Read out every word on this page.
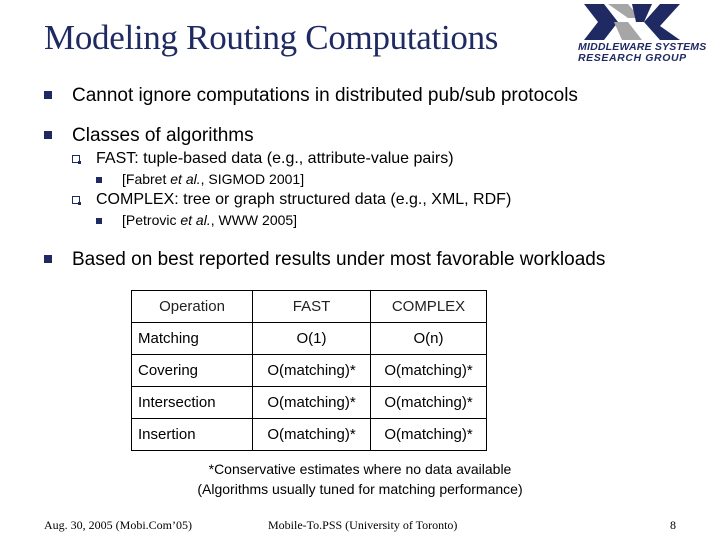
Modeling Routing Computations	MIDDLEWARE SYSTEMS
RESEARCH GROUP
Cannot ignore computations in distributed pub/sub protocols
Classes of algorithms
FAST: tuple-based data (e.g., attribute-value pairs)
[Fabret et al., SIGMOD 2001]
COMPLEX: tree or graph structured data (e.g., XML, RDF)
[Petrovic et al., WWW 2005]
Based on best reported results under most favorable workloads
Operation	FAST	COMPLEX
Matching	O(1)	O(n)
Covering	O(matching)*	O(matching)*
Intersection	O(matching)*	O(matching)*
Insertion	O(matching)*	O(matching)*
*Conservative estimates where no data available
(Algorithms usually tuned for matching performance)
Aug. 30, 2005 (Mobi.Com’05)	Mobile-To.PSS (University of Toronto)	8
